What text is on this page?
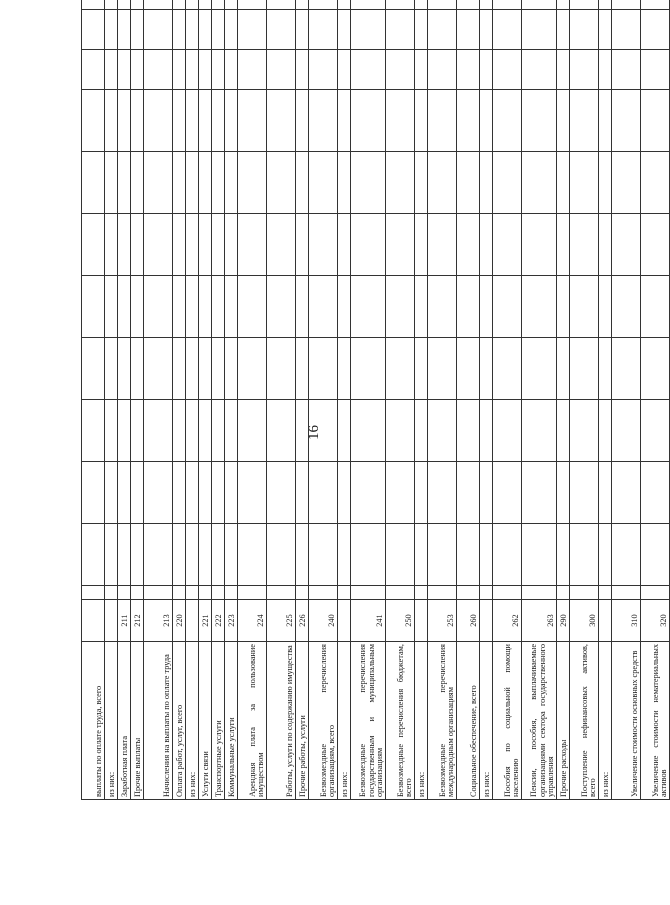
16
выплаты по оплате труда, всего													
из них:													
Заработная плата	211												
Прочие выплаты	212												
Начисления на выплаты по оплате труда	213												
Оплата работ, услуг, всего	220												
из них:													
Услуги связи	221												
Транспортные услуги	222												
Коммунальные услуги	223												
Арендная плата за пользование имуществом	224												
Работы, услуги по содержанию имущества	225												
Прочие работы, услуги	226												
Безвозмездные перечисления организациям, всего	240												
из них:													
Безвозмездные перечисления государственным и муниципальным организациям	241												
Безвозмездные перечисления бюджетам, всего	250												
из них:													
Безвозмездные перечисления международным организациям	253												
Социальное обеспечение, всего	260												
из них:													
Пособия по социальной помощи населению	262												
Пенсии, пособия, выплачиваемые организациями сектора государственного управления	263												
Прочие расходы	290												
Поступление нефинансовых активов, всего	300												
из них:													
Увеличение стоимости основных средств	310												
Увеличение стоимости нематериальных активов	320												
